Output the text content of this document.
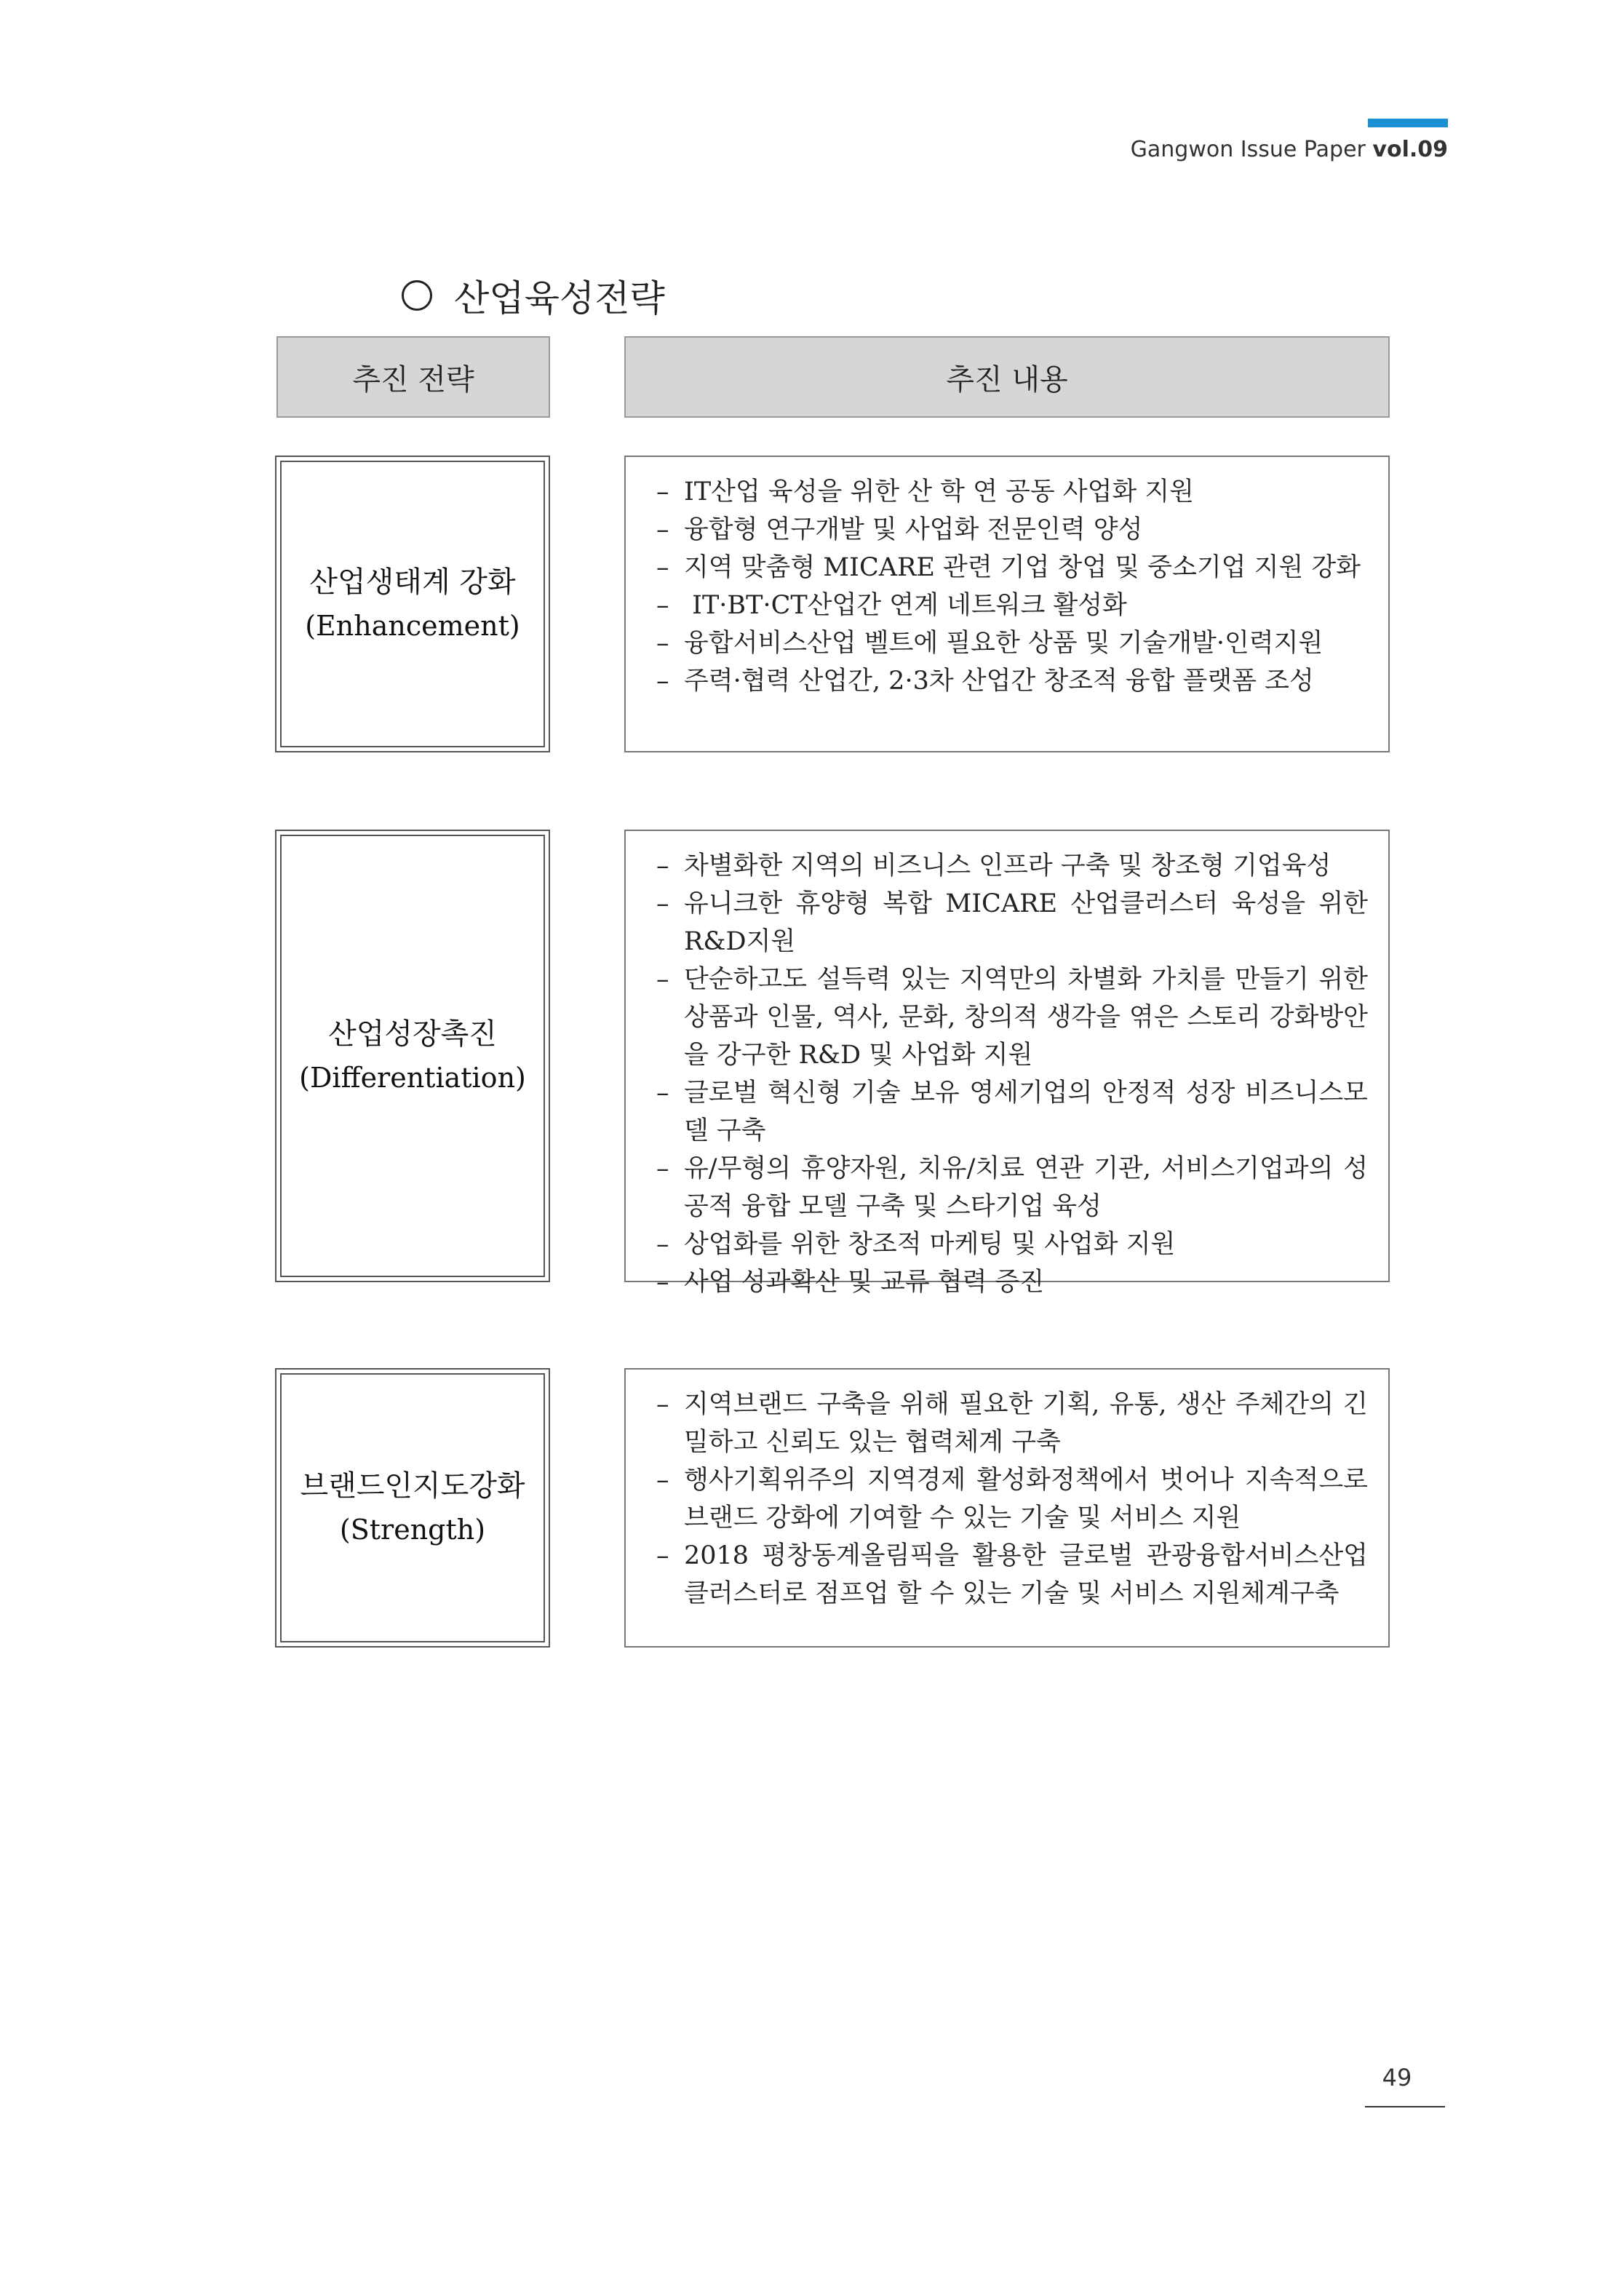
Gangwon Issue Paper vol.09
산업육성전략
추진 전략	추진 내용
산업생태계 강화
(Enhancement)
– IT산업 육성을 위한 산 학 연 공동 사업화 지원
– 융합형 연구개발 및 사업화 전문인력 양성
– 지역 맞춤형 MICARE 관련 기업 창업 및 중소기업 지원 강화
– IT·BT·CT산업간 연계 네트워크 활성화
– 융합서비스산업 벨트에 필요한 상품 및 기술개발·인력지원
– 주력·협력 산업간, 2·3차 산업간 창조적 융합 플랫폼 조성
산업성장촉진
(Differentiation)
– 차별화한 지역의 비즈니스 인프라 구축 및 창조형 기업육성
– 유니크한 휴양형 복합 MICARE 산업클러스터 육성을 위한 R&D지원
– 단순하고도 설득력 있는 지역만의 차별화 가치를 만들기 위한 상품과 인물, 역사, 문화, 창의적 생각을 엮은 스토리 강화방안을 강구한 R&D 및 사업화 지원
– 글로벌 혁신형 기술 보유 영세기업의 안정적 성장 비즈니스모델 구축
– 유/무형의 휴양자원, 치유/치료 연관 기관, 서비스기업과의 성공적 융합 모델 구축 및 스타기업 육성
– 상업화를 위한 창조적 마케팅 및 사업화 지원
– 사업 성과확산 및 교류 협력 증진
브랜드인지도강화
(Strength)
– 지역브랜드 구축을 위해 필요한 기획, 유통, 생산 주체간의 긴밀하고 신뢰도 있는 협력체계 구축
– 행사기획위주의 지역경제 활성화정책에서 벗어나 지속적으로 브랜드 강화에 기여할 수 있는 기술 및 서비스 지원
– 2018 평창동계올림픽을 활용한 글로벌 관광융합서비스산업 클러스터로 점프업 할 수 있는 기술 및 서비스 지원체계구축
49
